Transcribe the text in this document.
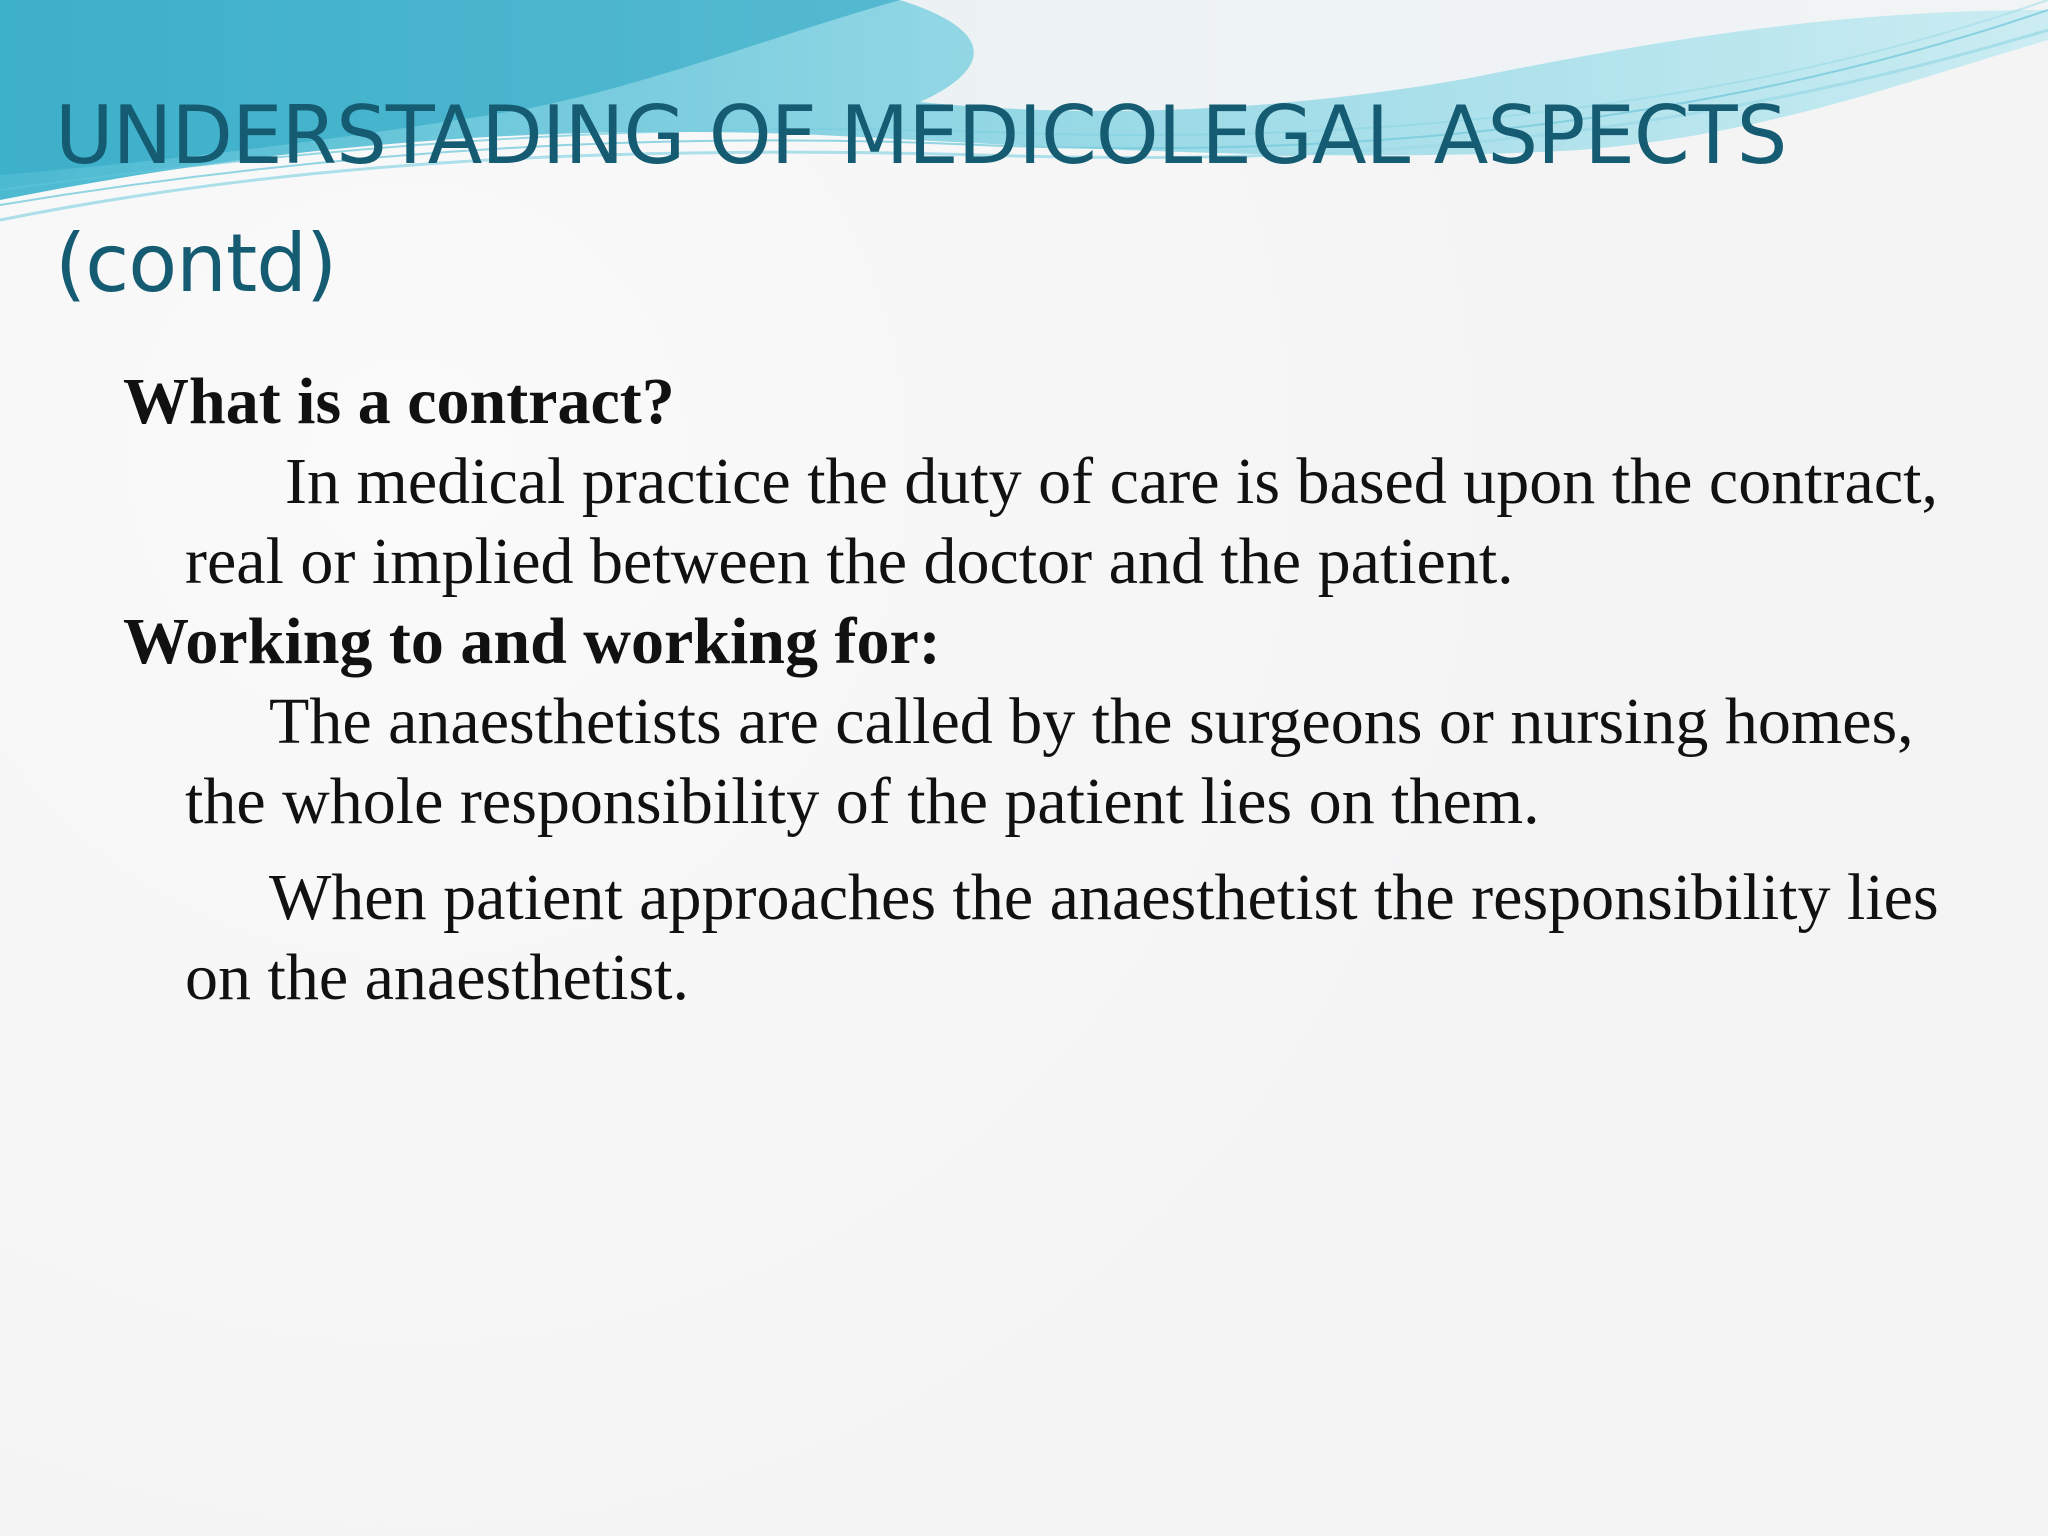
UNDERSTADING OF MEDICOLEGAL ASPECTS
(contd)
What is a contract?

In medical practice the duty of care is based upon the contract, real or implied between the doctor and the patient.

Working to and working for:

The anaesthetists are called by the surgeons or nursing homes, the whole responsibility of the patient lies on them.

When patient approaches the anaesthetist the responsibility lies on the anaesthetist.
